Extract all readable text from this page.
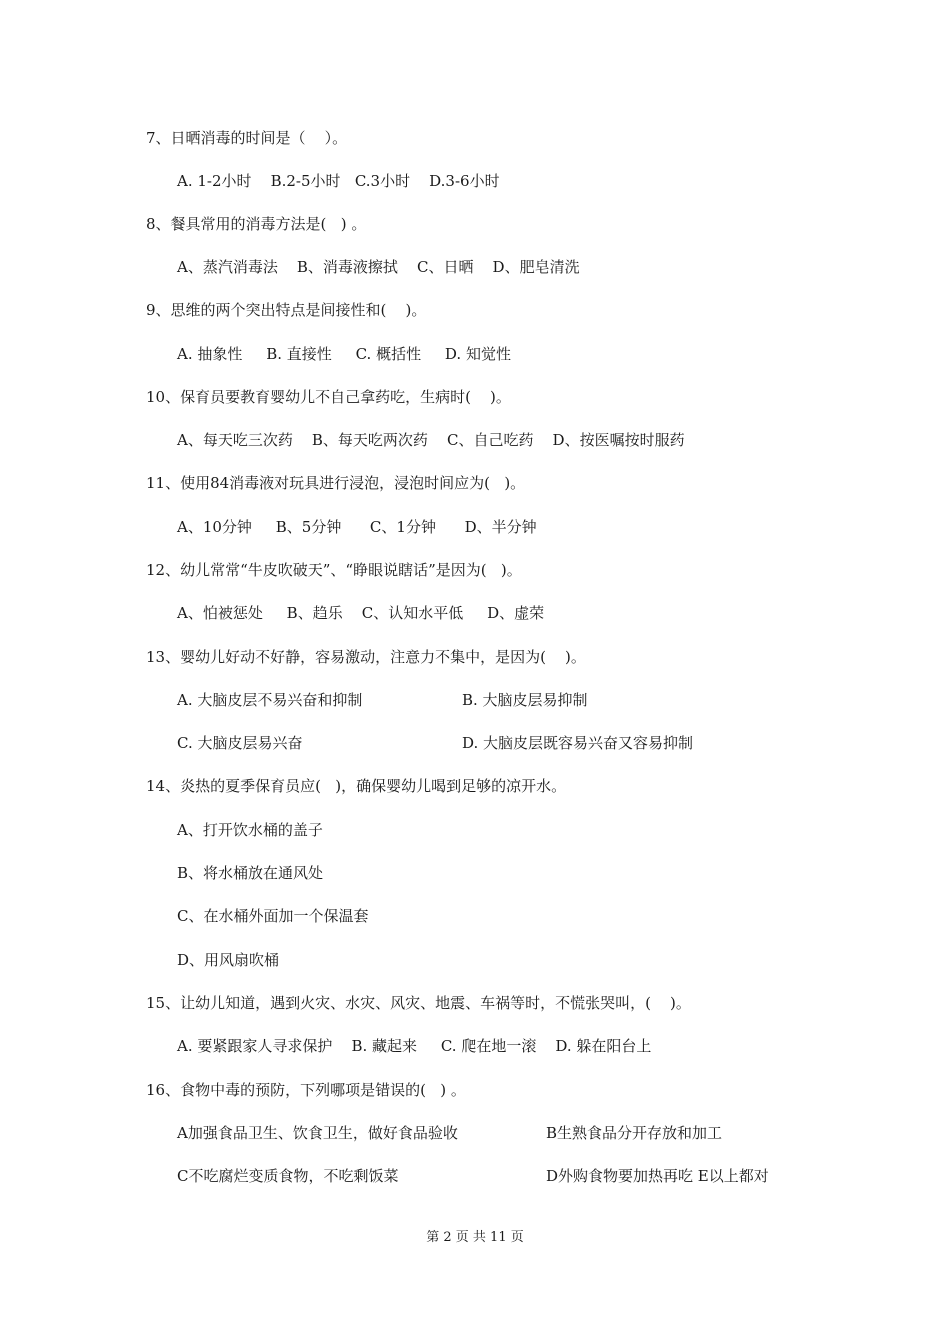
7、日晒消毒的时间是（    ）。
A. 1-2小时    B.2-5小时   C.3小时    D.3-6小时
8、餐具常用的消毒方法是(   ) 。
A、蒸汽消毒法    B、消毒液擦拭    C、日晒    D、肥皂清洗
9、思维的两个突出特点是间接性和(    )。
A. 抽象性     B. 直接性     C. 概括性     D. 知觉性
10、保育员要教育婴幼儿不自己拿药吃，生病时(    )。
A、每天吃三次药    B、每天吃两次药    C、自己吃药    D、按医嘱按时服药
11、使用84消毒液对玩具进行浸泡，浸泡时间应为(   )。
A、10分钟     B、5分钟      C、1分钟      D、半分钟
12、幼儿常常“牛皮吹破天”、“睁眼说瞎话”是因为(   )。
A、怕被惩处     B、趋乐    C、认知水平低     D、虚荣
13、婴幼儿好动不好静，容易激动，注意力不集中，是因为(    )。
A. 大脑皮层不易兴奋和抑制	B. 大脑皮层易抑制
C. 大脑皮层易兴奋	D. 大脑皮层既容易兴奋又容易抑制
14、炎热的夏季保育员应(   )，确保婴幼儿喝到足够的凉开水。
A、打开饮水桶的盖子
B、将水桶放在通风处
C、在水桶外面加一个保温套
D、用风扇吹桶
15、让幼儿知道，遇到火灾、水灾、风灾、地震、车祸等时，不慌张哭叫，(    )。
A. 要紧跟家人寻求保护    B. 藏起来     C. 爬在地一滚    D. 躲在阳台上
16、食物中毒的预防，下列哪项是错误的(   ) 。
A加强食品卫生、饮食卫生，做好食品验收	B生熟食品分开存放和加工
C不吃腐烂变质食物，不吃剩饭菜	D外购食物要加热再吃 E以上都对
第 2 页 共 11 页
